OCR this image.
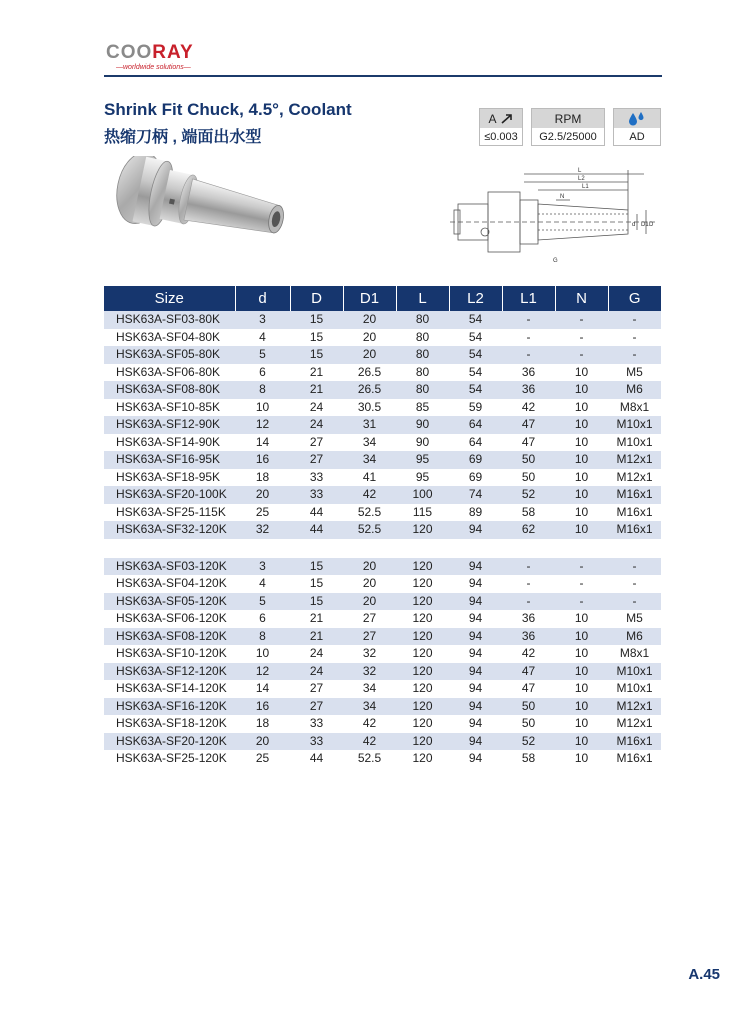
COORAY
—worldwide solutions—
Shrink Fit Chuck, 4.5°, Coolant
热缩刀柄 , 端面出水型
A
≤0.003
RPM
G2.5/25000	AD
L
L2
L1
N
G
d D1 D
Size	d	D	D1	L	L2	L1	N	G
HSK63A-SF03-80K	3	15	20	80	54	-	-	-
HSK63A-SF04-80K	4	15	20	80	54	-	-	-
HSK63A-SF05-80K	5	15	20	80	54	-	-	-
HSK63A-SF06-80K	6	21	26.5	80	54	36	10	M5
HSK63A-SF08-80K	8	21	26.5	80	54	36	10	M6
HSK63A-SF10-85K	10	24	30.5	85	59	42	10	M8x1
HSK63A-SF12-90K	12	24	31	90	64	47	10	M10x1
HSK63A-SF14-90K	14	27	34	90	64	47	10	M10x1
HSK63A-SF16-95K	16	27	34	95	69	50	10	M12x1
HSK63A-SF18-95K	18	33	41	95	69	50	10	M12x1
HSK63A-SF20-100K	20	33	42	100	74	52	10	M16x1
HSK63A-SF25-115K	25	44	52.5	115	89	58	10	M16x1
HSK63A-SF32-120K	32	44	52.5	120	94	62	10	M16x1

HSK63A-SF03-120K	3	15	20	120	94	-	-	-
HSK63A-SF04-120K	4	15	20	120	94	-	-	-
HSK63A-SF05-120K	5	15	20	120	94	-	-	-
HSK63A-SF06-120K	6	21	27	120	94	36	10	M5
HSK63A-SF08-120K	8	21	27	120	94	36	10	M6
HSK63A-SF10-120K	10	24	32	120	94	42	10	M8x1
HSK63A-SF12-120K	12	24	32	120	94	47	10	M10x1
HSK63A-SF14-120K	14	27	34	120	94	47	10	M10x1
HSK63A-SF16-120K	16	27	34	120	94	50	10	M12x1
HSK63A-SF18-120K	18	33	42	120	94	50	10	M12x1
HSK63A-SF20-120K	20	33	42	120	94	52	10	M16x1
HSK63A-SF25-120K	25	44	52.5	120	94	58	10	M16x1
A.45
